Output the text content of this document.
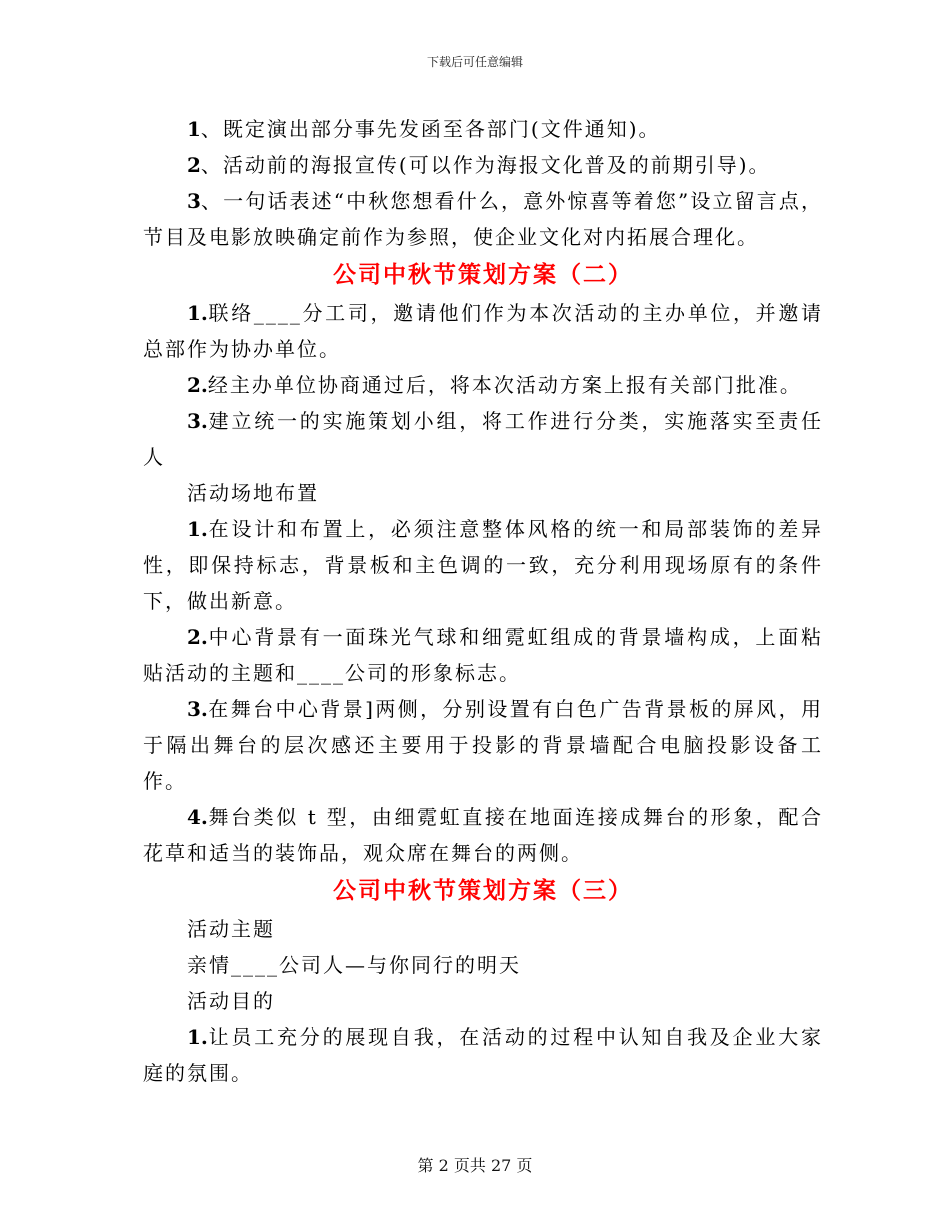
下载后可任意编辑

1、既定演出部分事先发函至各部门(文件通知)。

2、活动前的海报宣传(可以作为海报文化普及的前期引导)。

3、一句话表述“中秋您想看什么，意外惊喜等着您”设立留言点，节目及电影放映确定前作为参照，使企业文化对内拓展合理化。

公司中秋节策划方案（二）

1.联络____分工司，邀请他们作为本次活动的主办单位，并邀请总部作为协办单位。

2.经主办单位协商通过后，将本次活动方案上报有关部门批准。

3.建立统一的实施策划小组，将工作进行分类，实施落实至责任人

活动场地布置

1.在设计和布置上，必须注意整体风格的统一和局部装饰的差异性，即保持标志，背景板和主色调的一致，充分利用现场原有的条件下，做出新意。

2.中心背景有一面珠光气球和细霓虹组成的背景墙构成，上面粘贴活动的主题和____公司的形象标志。

3.在舞台中心背景]两侧，分别设置有白色广告背景板的屏风，用于隔出舞台的层次感还主要用于投影的背景墙配合电脑投影设备工作。

4.舞台类似 t 型，由细霓虹直接在地面连接成舞台的形象，配合花草和适当的装饰品，观众席在舞台的两侧。

公司中秋节策划方案（三）

活动主题

亲情____公司人—与你同行的明天

活动目的

1.让员工充分的展现自我，在活动的过程中认知自我及企业大家庭的氛围。

第 2 页共 27 页
